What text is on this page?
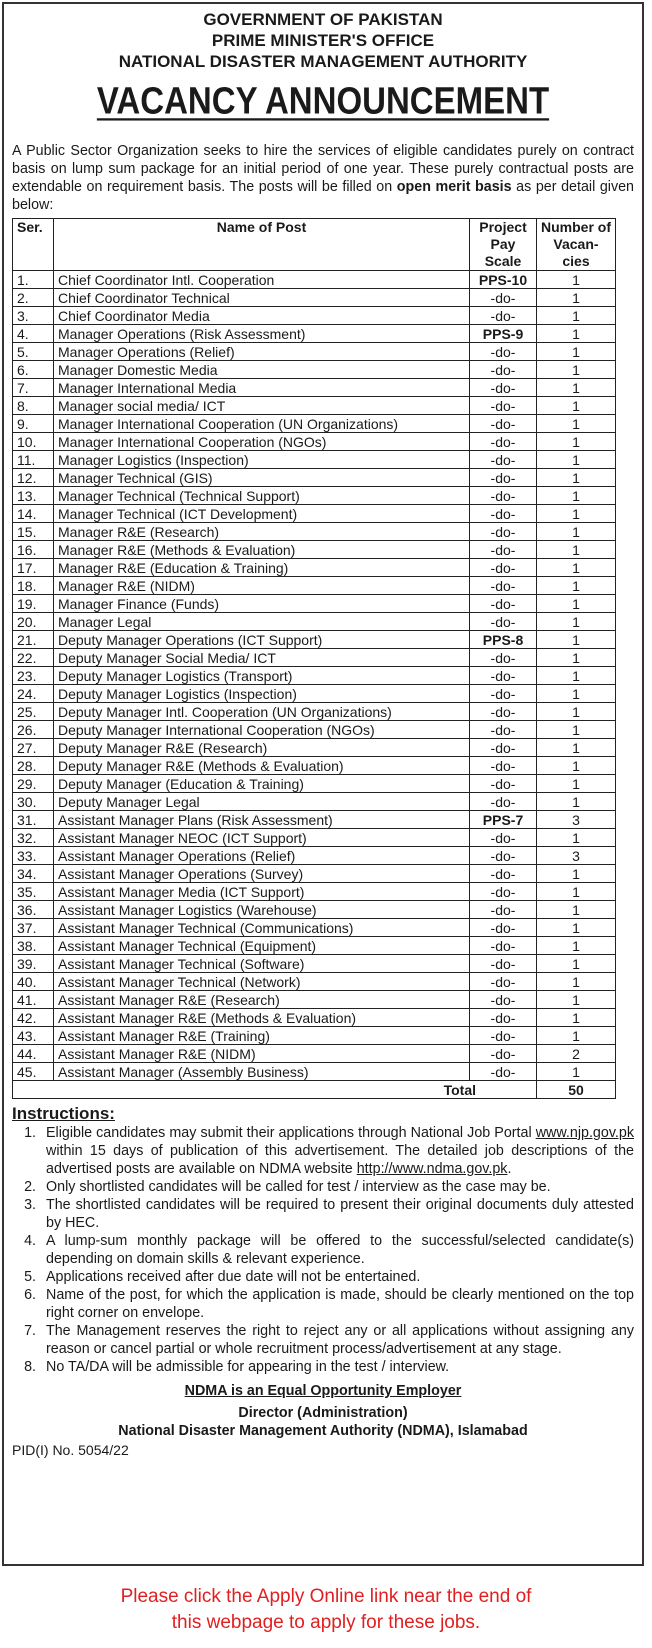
GOVERNMENT OF PAKISTAN
PRIME MINISTER'S OFFICE
NATIONAL DISASTER MANAGEMENT AUTHORITY
VACANCY ANNOUNCEMENT
A Public Sector Organization seeks to hire the services of eligible candidates purely on contract basis on lump sum package for an initial period of one year. These purely contractual posts are extendable on requirement basis. The posts will be filled on open merit basis as per detail given below:
Ser.	Name of Post	Project Pay Scale	Number of Vacan-cies
1.	Chief Coordinator Intl. Cooperation	PPS-10	1
2.	Chief Coordinator Technical	-do-	1
3.	Chief Coordinator Media	-do-	1
4.	Manager Operations (Risk Assessment)	PPS-9	1
5.	Manager Operations (Relief)	-do-	1
6.	Manager Domestic Media	-do-	1
7.	Manager International Media	-do-	1
8.	Manager social media/ ICT	-do-	1
9.	Manager International Cooperation (UN Organizations)	-do-	1
10.	Manager International Cooperation (NGOs)	-do-	1
11.	Manager Logistics (Inspection)	-do-	1
12.	Manager Technical (GIS)	-do-	1
13.	Manager Technical (Technical Support)	-do-	1
14.	Manager Technical (ICT Development)	-do-	1
15.	Manager R&E (Research)	-do-	1
16.	Manager R&E (Methods & Evaluation)	-do-	1
17.	Manager R&E (Education & Training)	-do-	1
18.	Manager R&E (NIDM)	-do-	1
19.	Manager Finance (Funds)	-do-	1
20.	Manager Legal	-do-	1
21.	Deputy Manager Operations (ICT Support)	PPS-8	1
22.	Deputy Manager Social Media/ ICT	-do-	1
23.	Deputy Manager Logistics (Transport)	-do-	1
24.	Deputy Manager Logistics (Inspection)	-do-	1
25.	Deputy Manager Intl. Cooperation (UN Organizations)	-do-	1
26.	Deputy Manager International Cooperation (NGOs)	-do-	1
27.	Deputy Manager R&E (Research)	-do-	1
28.	Deputy Manager R&E (Methods & Evaluation)	-do-	1
29.	Deputy Manager (Education & Training)	-do-	1
30.	Deputy Manager Legal	-do-	1
31.	Assistant Manager Plans (Risk Assessment)	PPS-7	3
32.	Assistant Manager NEOC (ICT Support)	-do-	1
33.	Assistant Manager Operations (Relief)	-do-	3
34.	Assistant Manager Operations (Survey)	-do-	1
35.	Assistant Manager Media (ICT Support)	-do-	1
36.	Assistant Manager Logistics (Warehouse)	-do-	1
37.	Assistant Manager Technical (Communications)	-do-	1
38.	Assistant Manager Technical (Equipment)	-do-	1
39.	Assistant Manager Technical (Software)	-do-	1
40.	Assistant Manager Technical (Network)	-do-	1
41.	Assistant Manager R&E (Research)	-do-	1
42.	Assistant Manager R&E (Methods & Evaluation)	-do-	1
43.	Assistant Manager R&E (Training)	-do-	1
44.	Assistant Manager R&E (NIDM)	-do-	2
45.	Assistant Manager (Assembly Business)	-do-	1
Total			50
Instructions:
1. Eligible candidates may submit their applications through National Job Portal www.njp.gov.pk within 15 days of publication of this advertisement. The detailed job descriptions of the advertised posts are available on NDMA website http://www.ndma.gov.pk.
2. Only shortlisted candidates will be called for test / interview as the case may be.
3. The shortlisted candidates will be required to present their original documents duly attested by HEC.
4. A lump-sum monthly package will be offered to the successful/selected candidate(s) depending on domain skills & relevant experience.
5. Applications received after due date will not be entertained.
6. Name of the post, for which the application is made, should be clearly mentioned on the top right corner on envelope.
7. The Management reserves the right to reject any or all applications without assigning any reason or cancel partial or whole recruitment process/advertisement at any stage.
8. No TA/DA will be admissible for appearing in the test / interview.
NDMA is an Equal Opportunity Employer
Director (Administration)
National Disaster Management Authority (NDMA), Islamabad
PID(I) No. 5054/22
Please click the Apply Online link near the end of
this webpage to apply for these jobs.
